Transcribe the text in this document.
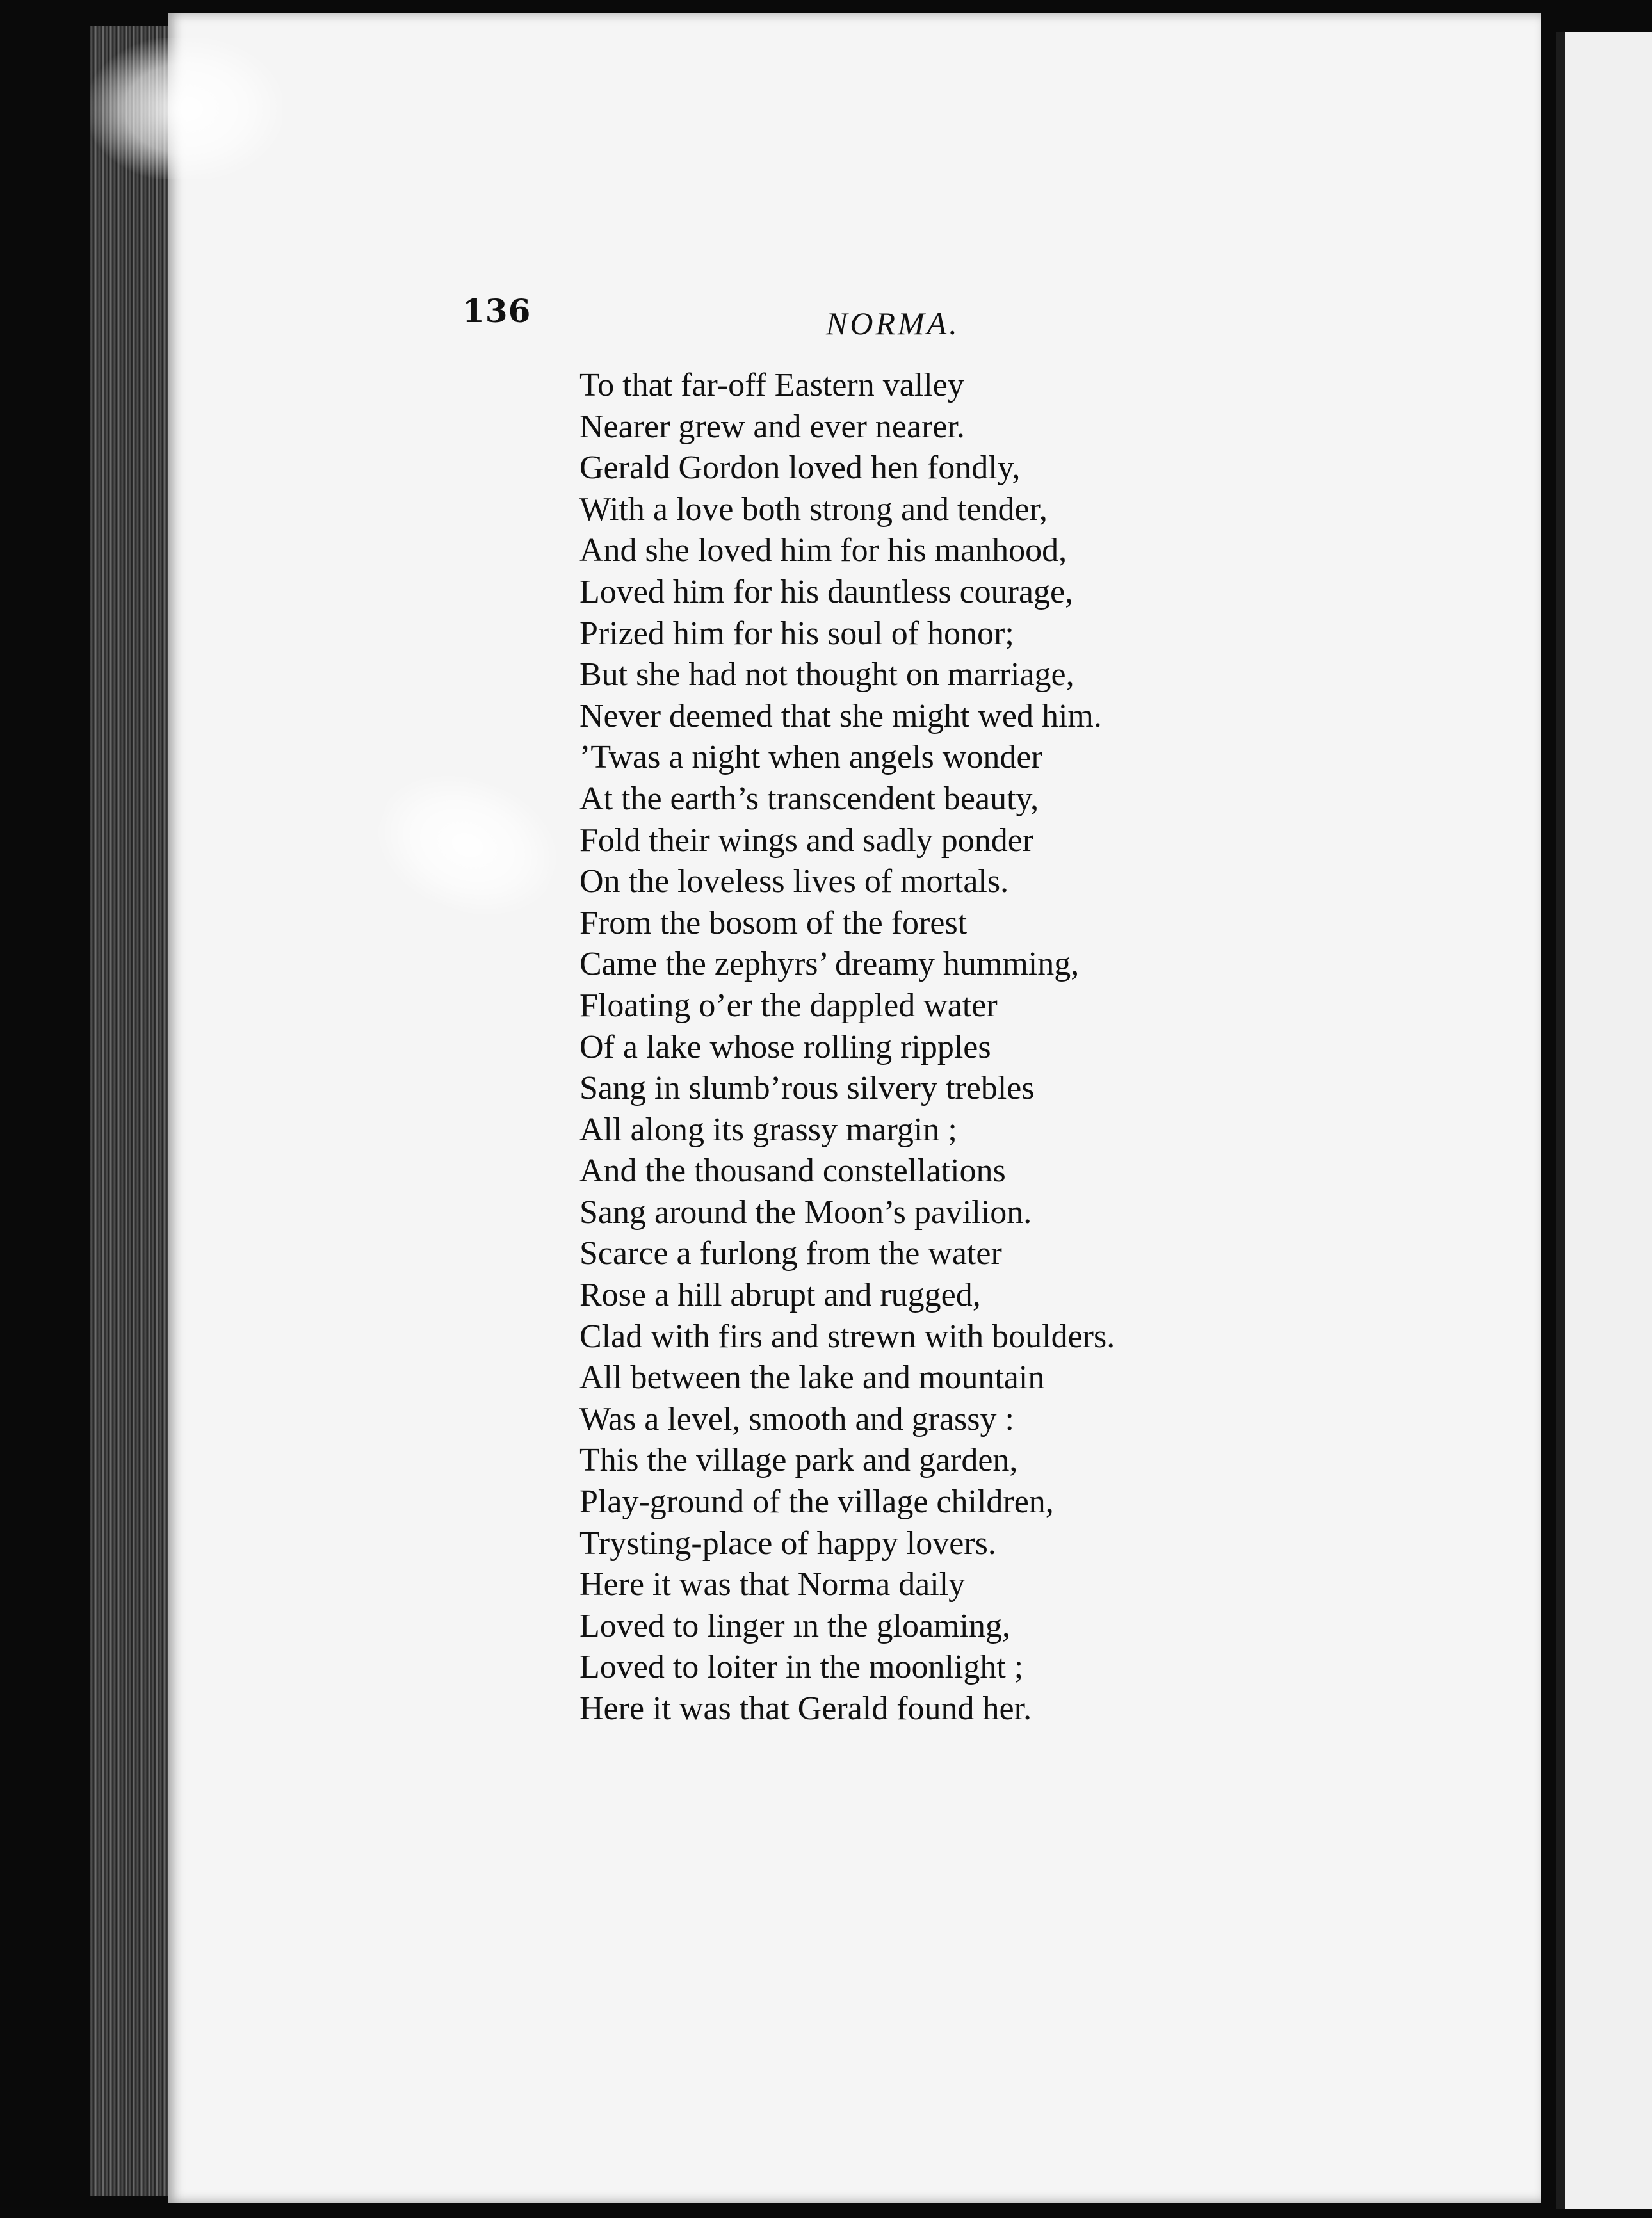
136	NORMA.
To that far-off Eastern valley
Nearer grew and ever nearer.
Gerald Gordon loved hen fondly,
With a love both strong and tender,
And she loved him for his manhood,
Loved him for his dauntless courage,
Prized him for his soul of honor;
But she had not thought on marriage,
Never deemed that she might wed him.
’Twas a night when angels wonder
At the earth’s transcendent beauty,
Fold their wings and sadly ponder
On the loveless lives of mortals.
From the bosom of the forest
Came the zephyrs’ dreamy humming,
Floating o’er the dappled water
Of a lake whose rolling ripples
Sang in slumb’rous silvery trebles
All along its grassy margin ;
And the thousand constellations
Sang around the Moon’s pavilion.
Scarce a furlong from the water
Rose a hill abrupt and rugged,
Clad with firs and strewn with boulders.
All between the lake and mountain
Was a level, smooth and grassy :
This the village park and garden,
Play-ground of the village children,
Trysting-place of happy lovers.
Here it was that Norma daily
Loved to linger ın the gloaming,
Loved to loiter in the moonlight ;
Here it was that Gerald found her.
